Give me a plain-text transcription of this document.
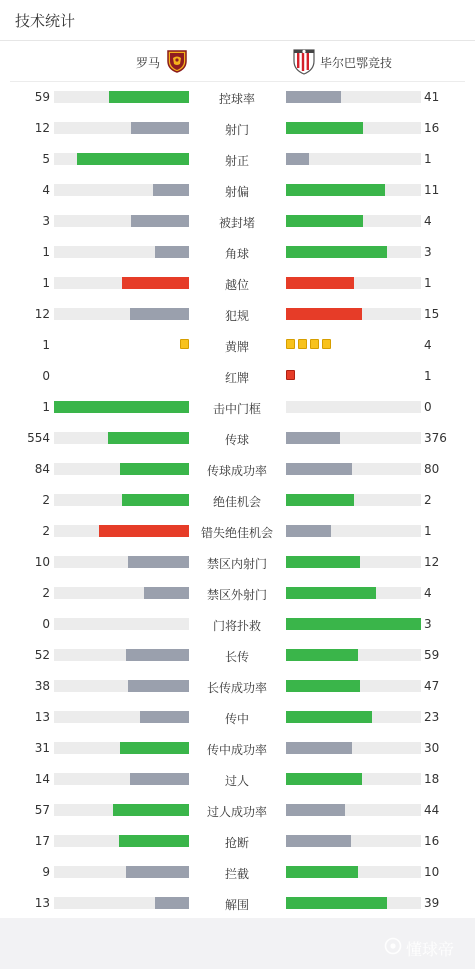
技术统计
罗马	毕尔巴鄂竞技
59	控球率	41
12	射门	16
5	射正	1
4	射偏	11
3	被封堵	4
1	角球	3
1	越位	1
12	犯规	15
1	黄牌	4
0	红牌	1
1	击中门框	0
554	传球	376
84	传球成功率	80
2	绝佳机会	2
2	错失绝佳机会	1
10	禁区内射门	12
2	禁区外射门	4
0	门将扑救	3
52	长传	59
38	长传成功率	47
13	传中	23
31	传中成功率	30
14	过人	18
57	过人成功率	44
17	抢断	16
9	拦截	10
13	解围	39
懂球帝
